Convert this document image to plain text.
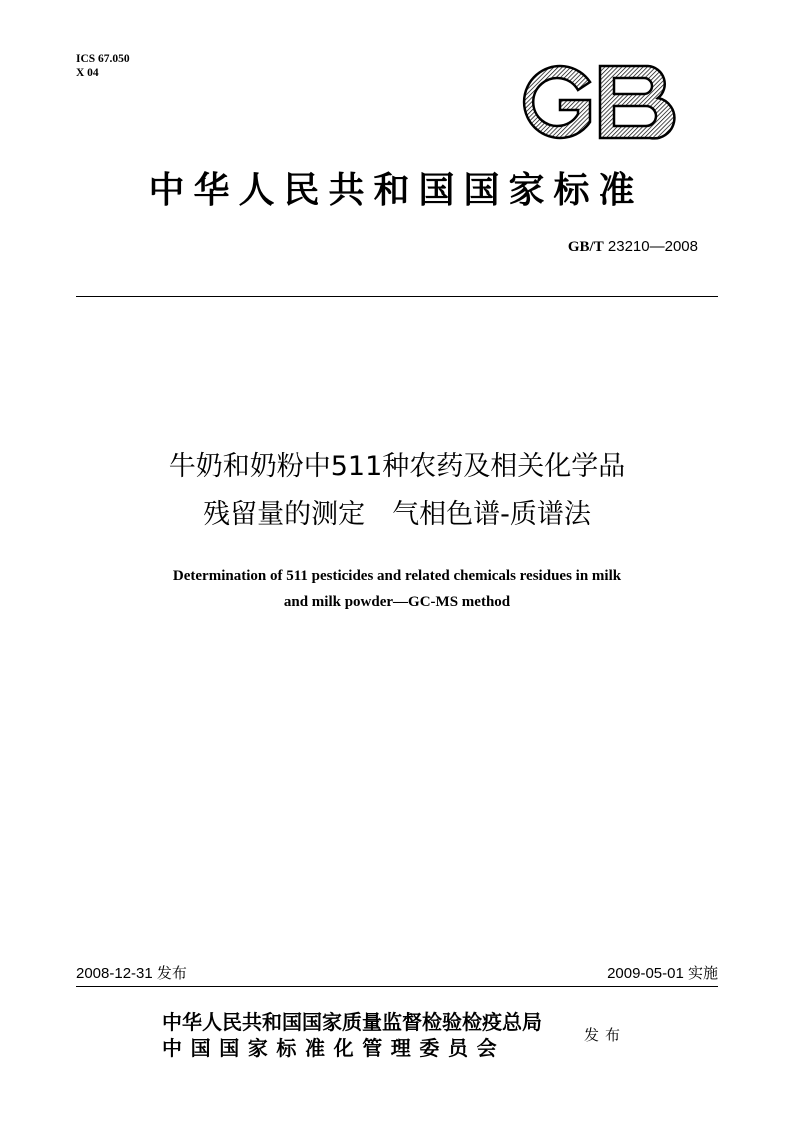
ICS 67.050
X 04
中华人民共和国国家标准
GB/T 23210—2008
牛奶和奶粉中511种农药及相关化学品
残留量的测定　气相色谱-质谱法
Determination of 511 pesticides and related chemicals residues in milk
and milk powder—GC-MS method
2008-12-31 发布	2009-05-01 实施
中华人民共和国国家质量监督检验检疫总局
中国国家标准化管理委员会
发布
